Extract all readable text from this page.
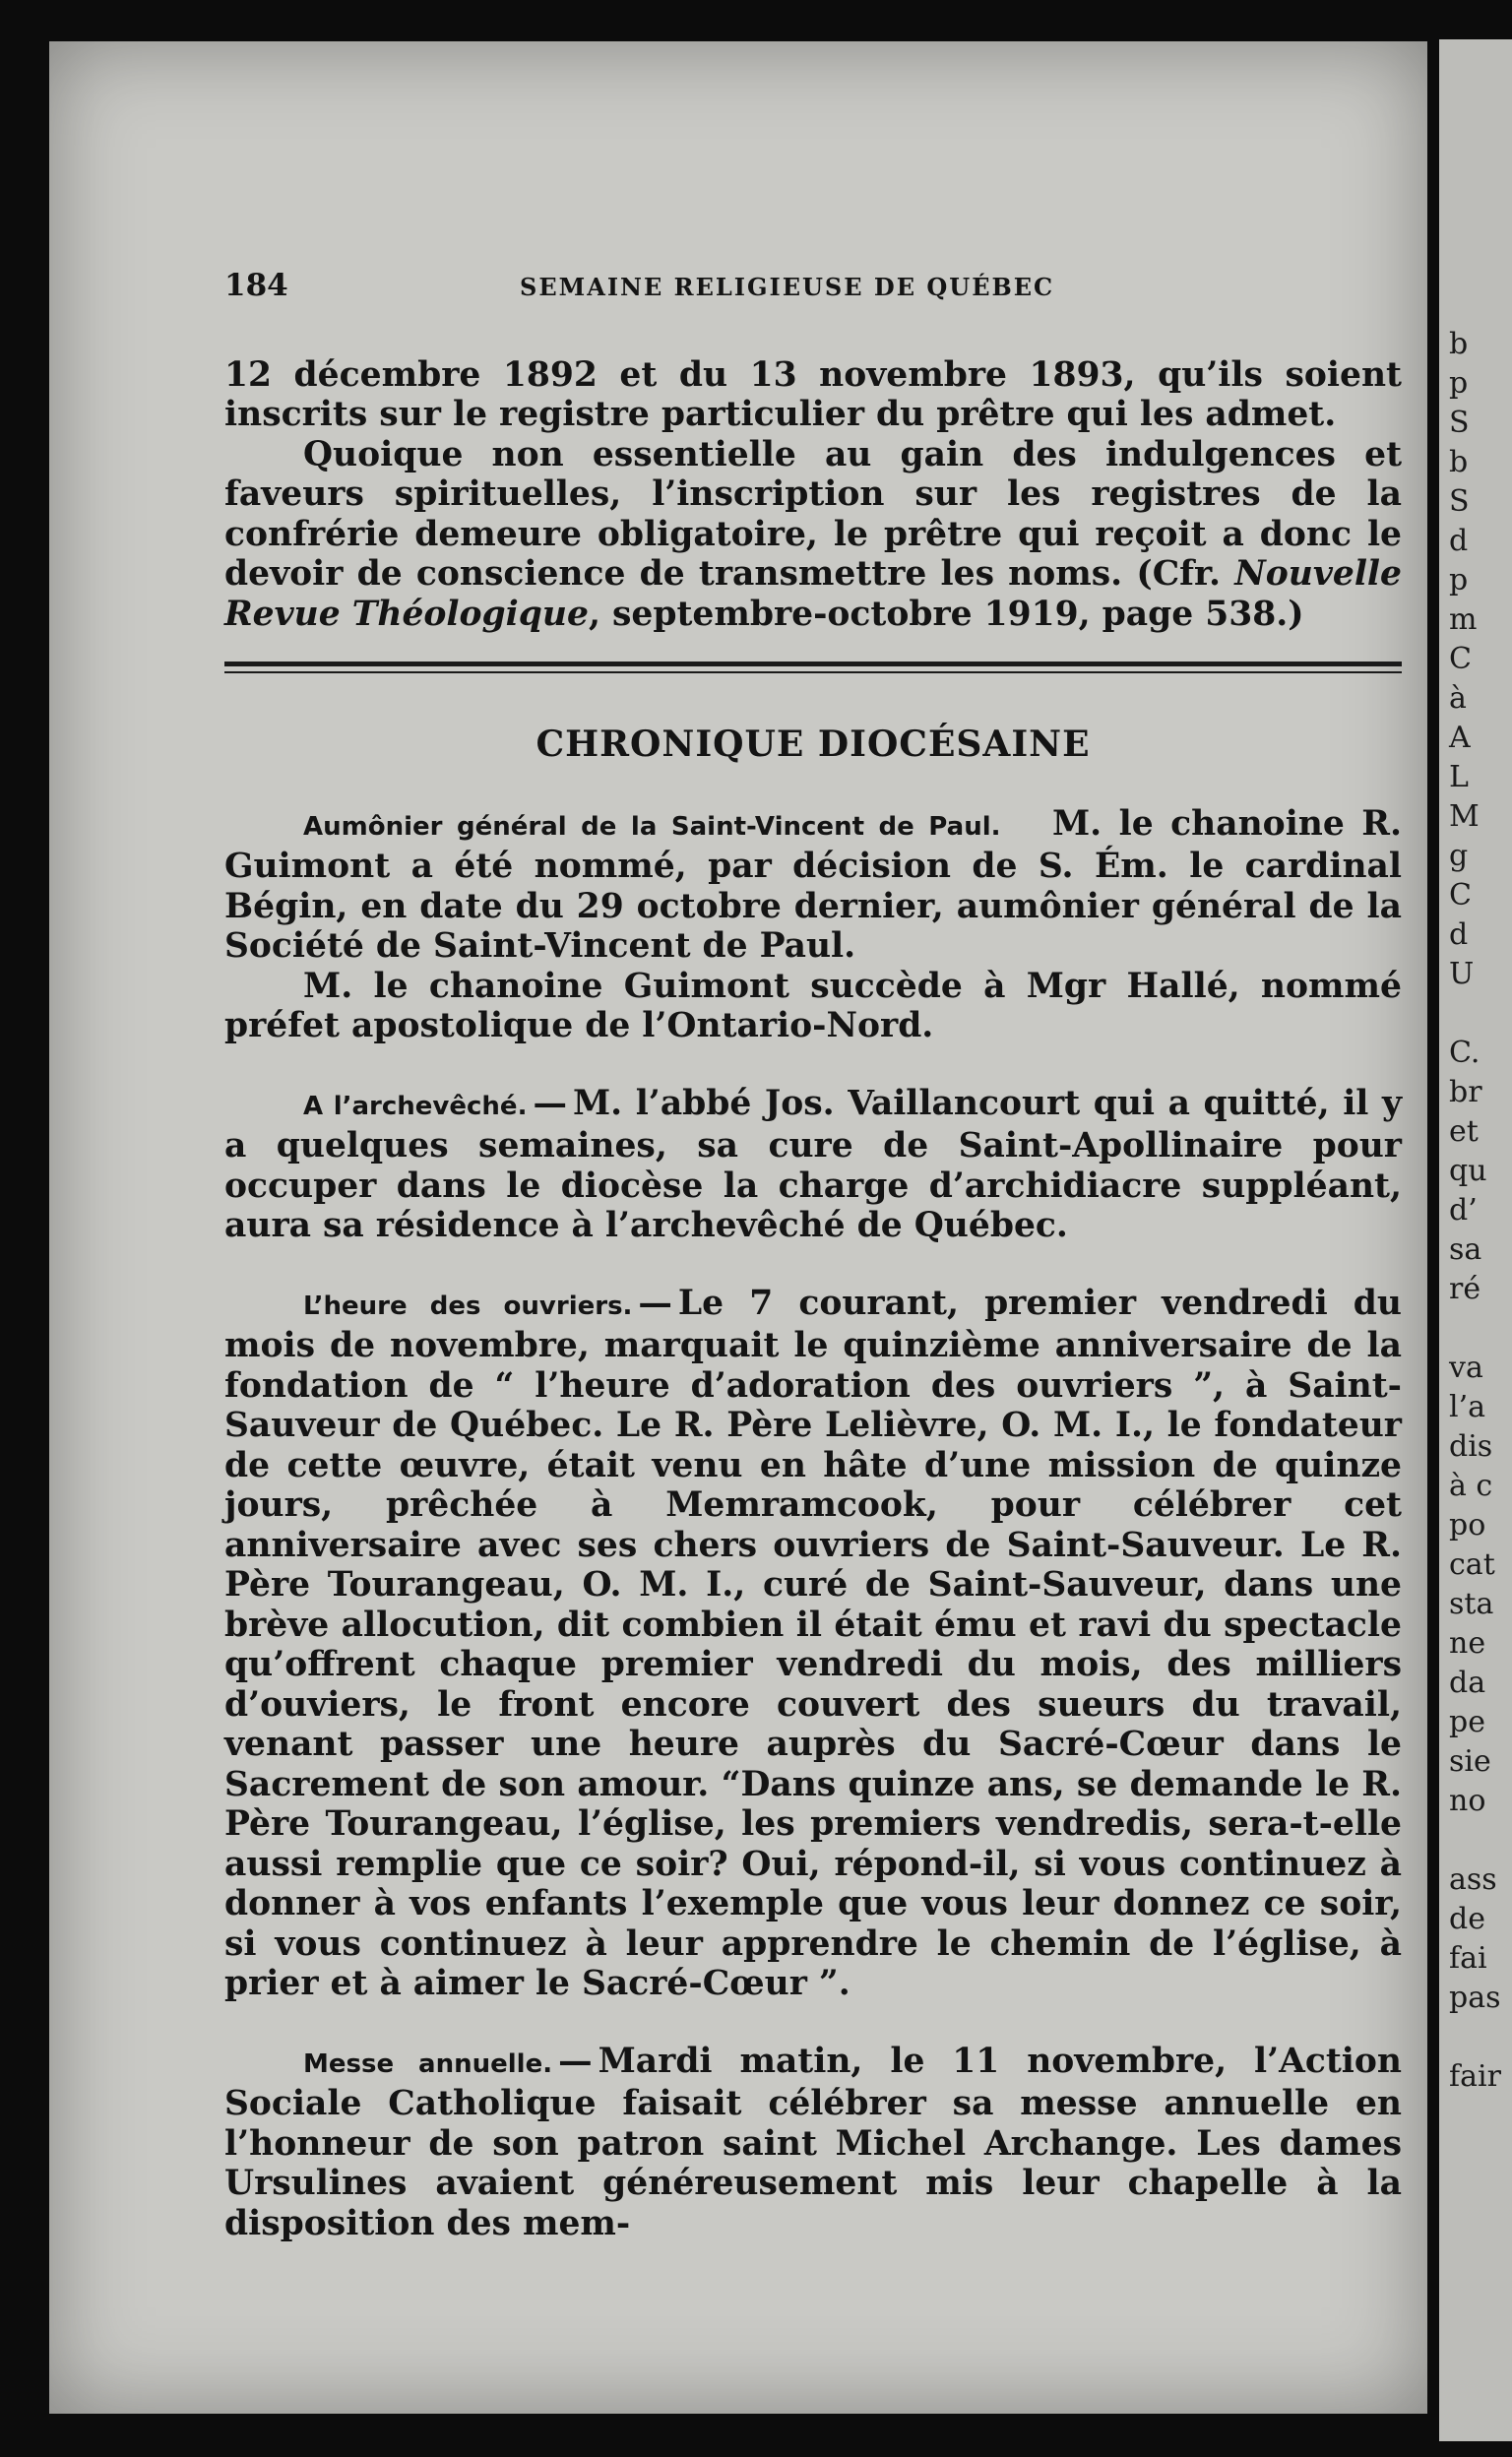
184	SEMAINE RELIGIEUSE DE QUÉBEC

12 décembre 1892 et du 13 novembre 1893, qu’ils soient inscrits sur le registre particulier du prêtre qui les admet.

Quoique non essentielle au gain des indulgences et faveurs spirituelles, l’inscription sur les registres de la confrérie demeure obligatoire, le prêtre qui reçoit a donc le devoir de conscience de transmettre les noms. (Cfr. Nouvelle Revue Théologique, septembre-octobre 1919, page 538.)

CHRONIQUE DIOCÉSAINE

Aumônier général de la Saint-Vincent de Paul. M. le chanoine R. Guimont a été nommé, par décision de S. Ém. le cardinal Bégin, en date du 29 octobre dernier, aumônier général de la Société de Saint-Vincent de Paul.

M. le chanoine Guimont succède à Mgr Hallé, nommé préfet apostolique de l’Ontario-Nord.

A l’archevêché. — M. l’abbé Jos. Vaillancourt qui a quitté, il y a quelques semaines, sa cure de Saint-Apollinaire pour occuper dans le diocèse la charge d’archidiacre suppléant, aura sa résidence à l’archevêché de Québec.

L’heure des ouvriers. — Le 7 courant, premier vendredi du mois de novembre, marquait le quinzième anniversaire de la fondation de “ l’heure d’adoration des ouvriers ”, à Saint-Sauveur de Québec. Le R. Père Lelièvre, O. M. I., le fondateur de cette œuvre, était venu en hâte d’une mission de quinze jours, prêchée à Memramcook, pour célébrer cet anniversaire avec ses chers ouvriers de Saint-Sauveur. Le R. Père Tourangeau, O. M. I., curé de Saint-Sauveur, dans une brève allocution, dit combien il était ému et ravi du spectacle qu’offrent chaque premier vendredi du mois, des milliers d’ouviers, le front encore couvert des sueurs du travail, venant passer une heure auprès du Sacré-Cœur dans le Sacrement de son amour. “Dans quinze ans, se demande le R. Père Tourangeau, l’église, les premiers vendredis, sera-t-elle aussi remplie que ce soir? Oui, répond-il, si vous continuez à donner à vos enfants l’exemple que vous leur donnez ce soir, si vous continuez à leur apprendre le chemin de l’église, à prier et à aimer le Sacré-Cœur ”.

Messe annuelle. — Mardi matin, le 11 novembre, l’Action Sociale Catholique faisait célébrer sa messe annuelle en l’honneur de son patron saint Michel Archange. Les dames Ursulines avaient généreusement mis leur chapelle à la disposition des mem-

b
p
S
b
S
d
p
m
C
à
A
L
M
g
C
d
U

C.
br
et
qu
d’
sa
ré

va
l’a
dis
à c
po
cat
sta
ne
da
pe
sie
no

ass
de
fai
pas

fair
